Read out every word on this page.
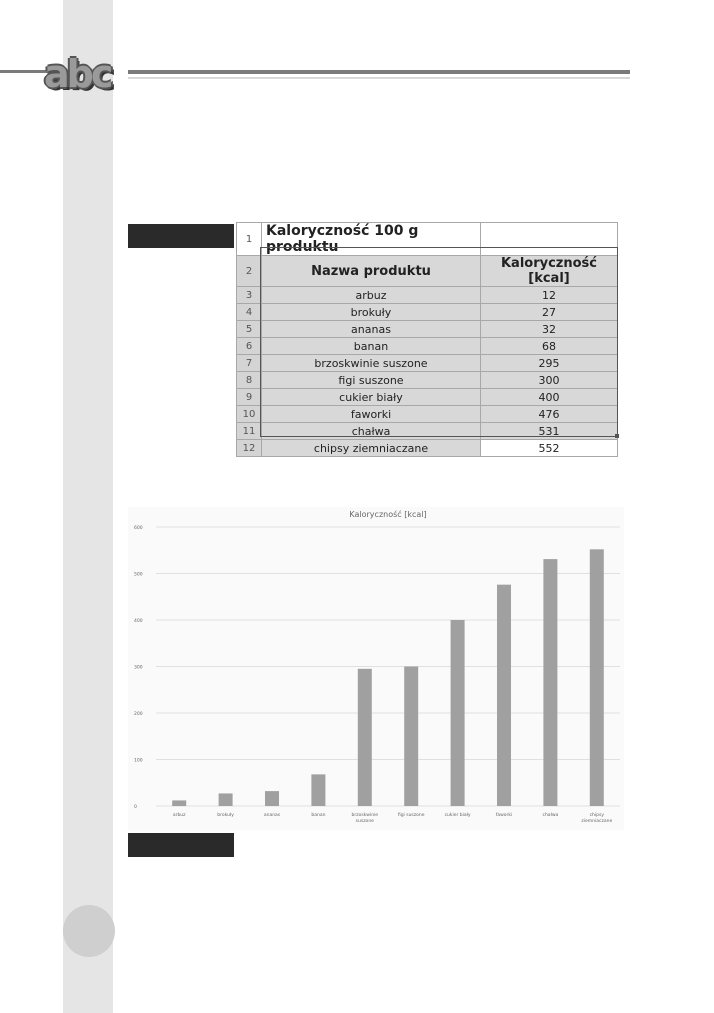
abc
1	Kaloryczność 100 g produktu	
2	Nazwa produktu	Kaloryczność [kcal]
3	arbuz	12
4	brokuły	27
5	ananas	32
6	banan	68
7	brzoskwinie suszone	295
8	figi suszone	300
9	cukier biały	400
10	faworki	476
11	chałwa	531
12	chipsy ziemniaczane	552
Kaloryczność [kcal]
0
100
200
300
400
500
600
arbuz	brokuły	ananas	banan	brzoskwinie
suszone
figi suszone	cukier biały	faworki	chałwa	chipsy
ziemniaczane
